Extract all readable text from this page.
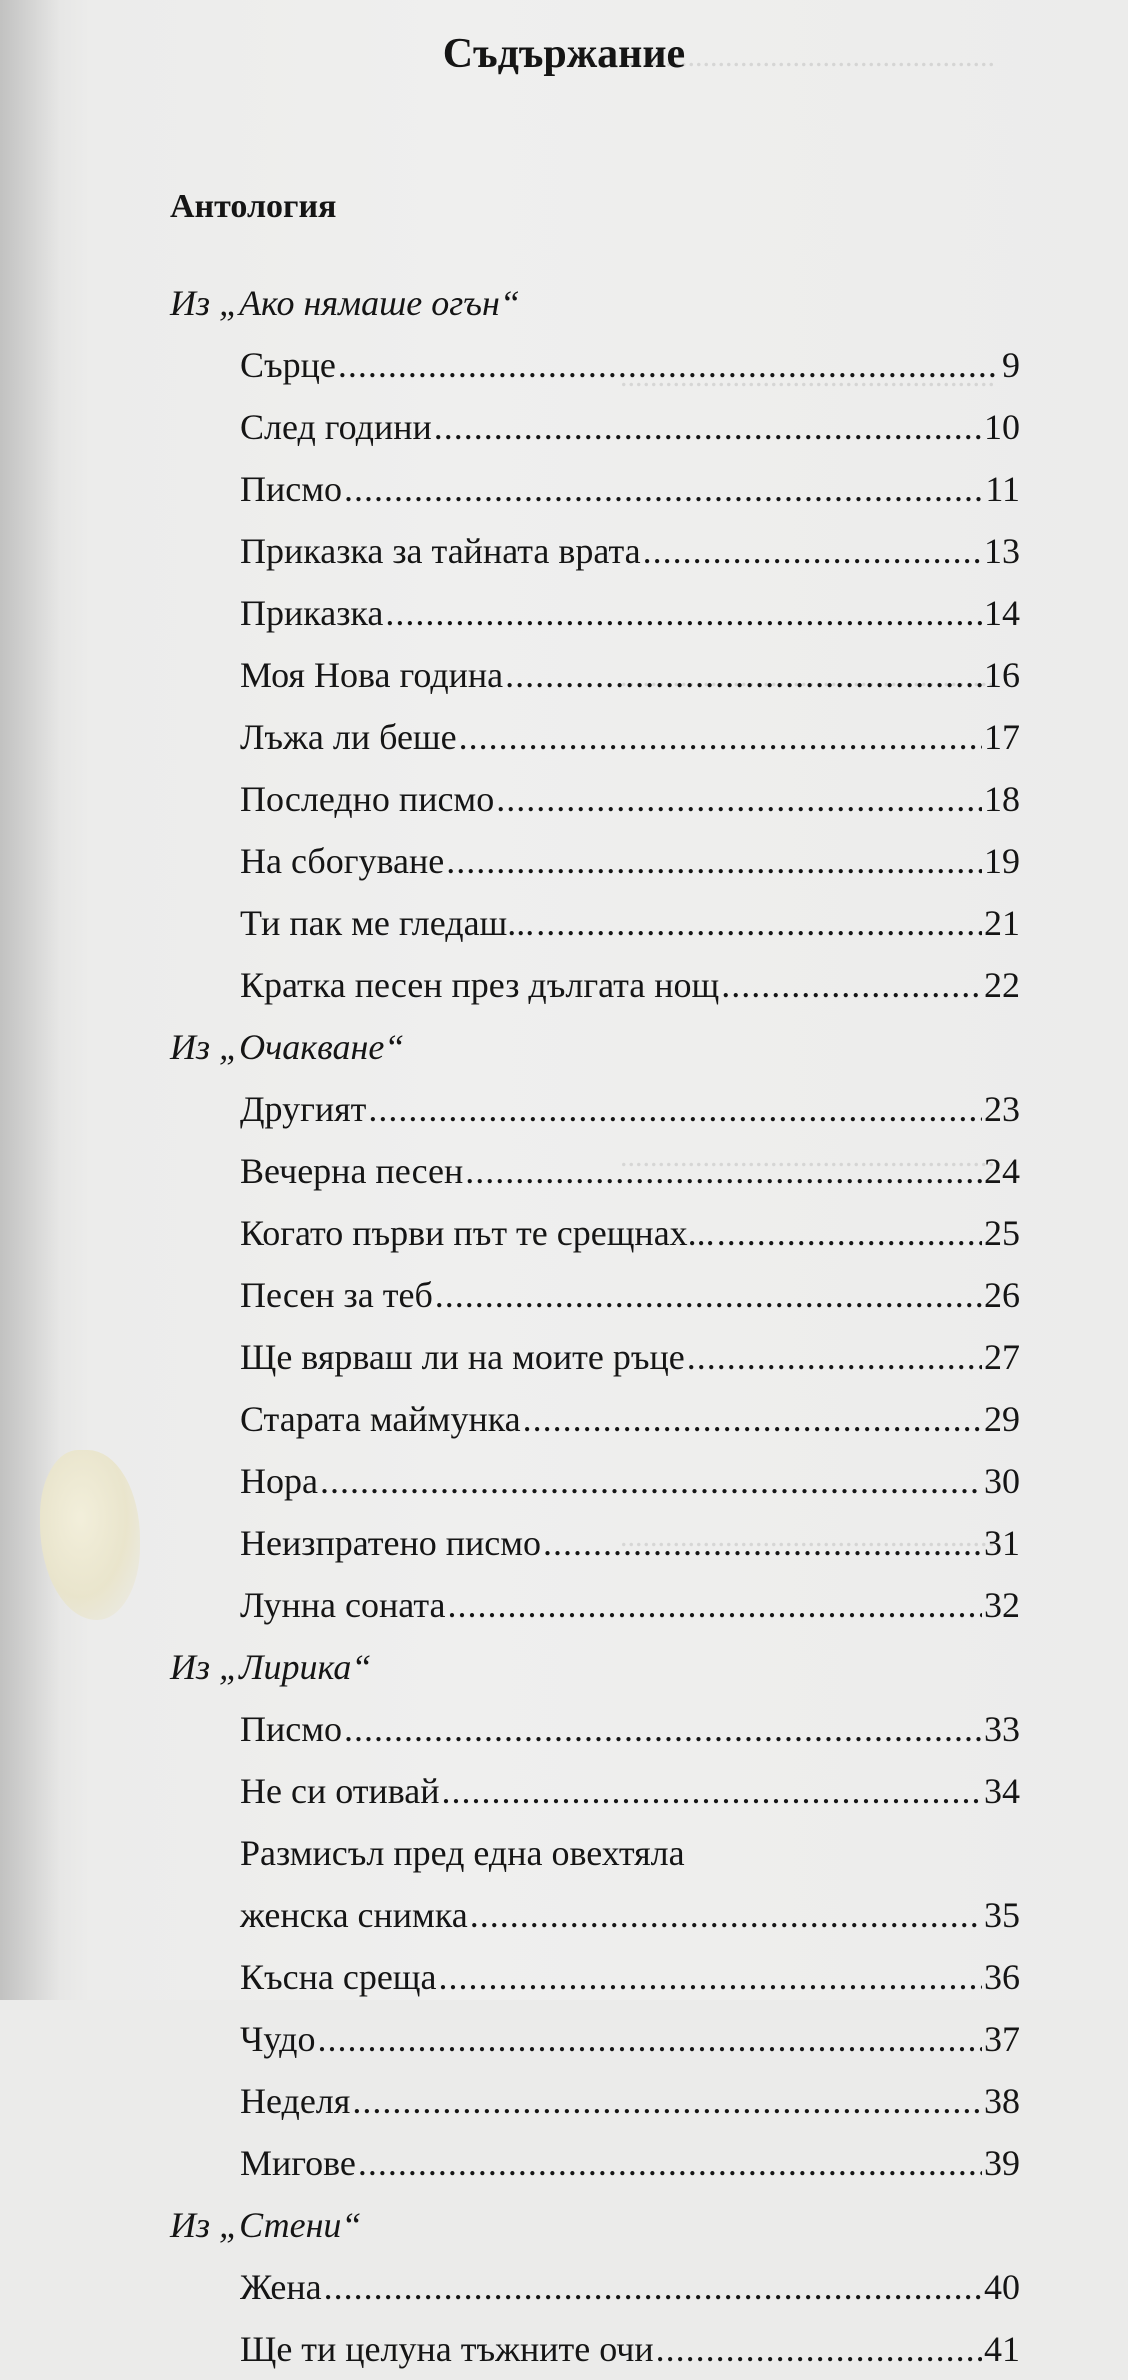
..................................................
..................................................
..................................................
..................................................
..................................................
Съдържание
Антология
Из „Ако нямаше огън“
Сърце .....	9
След години .....	10
Писмо .....	11
Приказка за тайната врата .....	13
Приказка .....	14
Моя Нова година .....	16
Лъжа ли беше .....	17
Последно писмо .....	18
На сбогуване .....	19
Ти пак ме гледаш... .....	21
Кратка песен през дългата нощ .....	22
Из „Очакване“
Другият .....	23
Вечерна песен .....	24
Когато първи път те срещнах... .....	25
Песен за теб .....	26
Ще вярваш ли на моите ръце .....	27
Старата маймунка .....	29
Нора .....	30
Неизпратено писмо .....	31
Лунна соната .....	32
Из „Лирика“
Писмо .....	33
Не си отивай .....	34
Размисъл пред една овехтяла
женска снимка .....	35
Късна среща .....	36
Чудо .....	37
Неделя .....	38
Мигове .....	39
Из „Стени“
Жена .....	40
Ще ти целуна тъжните очи .....	41
